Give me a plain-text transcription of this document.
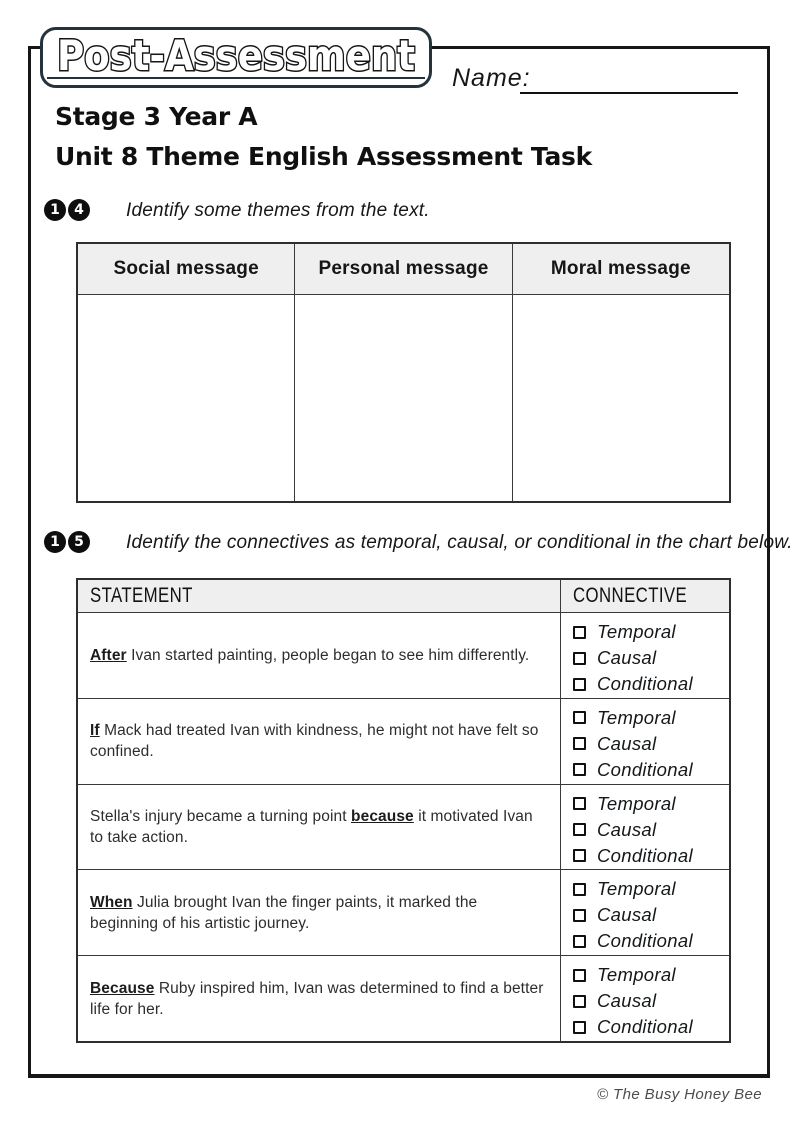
Post-Assessment Name:
Stage 3 Year A
Unit 8 Theme English Assessment Task
1	4	Identify some themes from the text.
Social message	Personal message	Moral message
1	5	Identify the connectives as temporal, causal, or conditional in the chart below.
STATEMENT	CONNECTIVE
After Ivan started painting, people began to see him differently.
Temporal
Causal
Conditional
If Mack had treated Ivan with kindness, he might not have felt so confined.
Temporal
Causal
Conditional
Stella's injury became a turning point because it motivated Ivan to take action.
Temporal
Causal
Conditional
When Julia brought Ivan the finger paints, it marked the beginning of his artistic journey.
Temporal
Causal
Conditional
Because Ruby inspired him, Ivan was determined to find a better life for her.
Temporal
Causal
Conditional
© The Busy Honey Bee
